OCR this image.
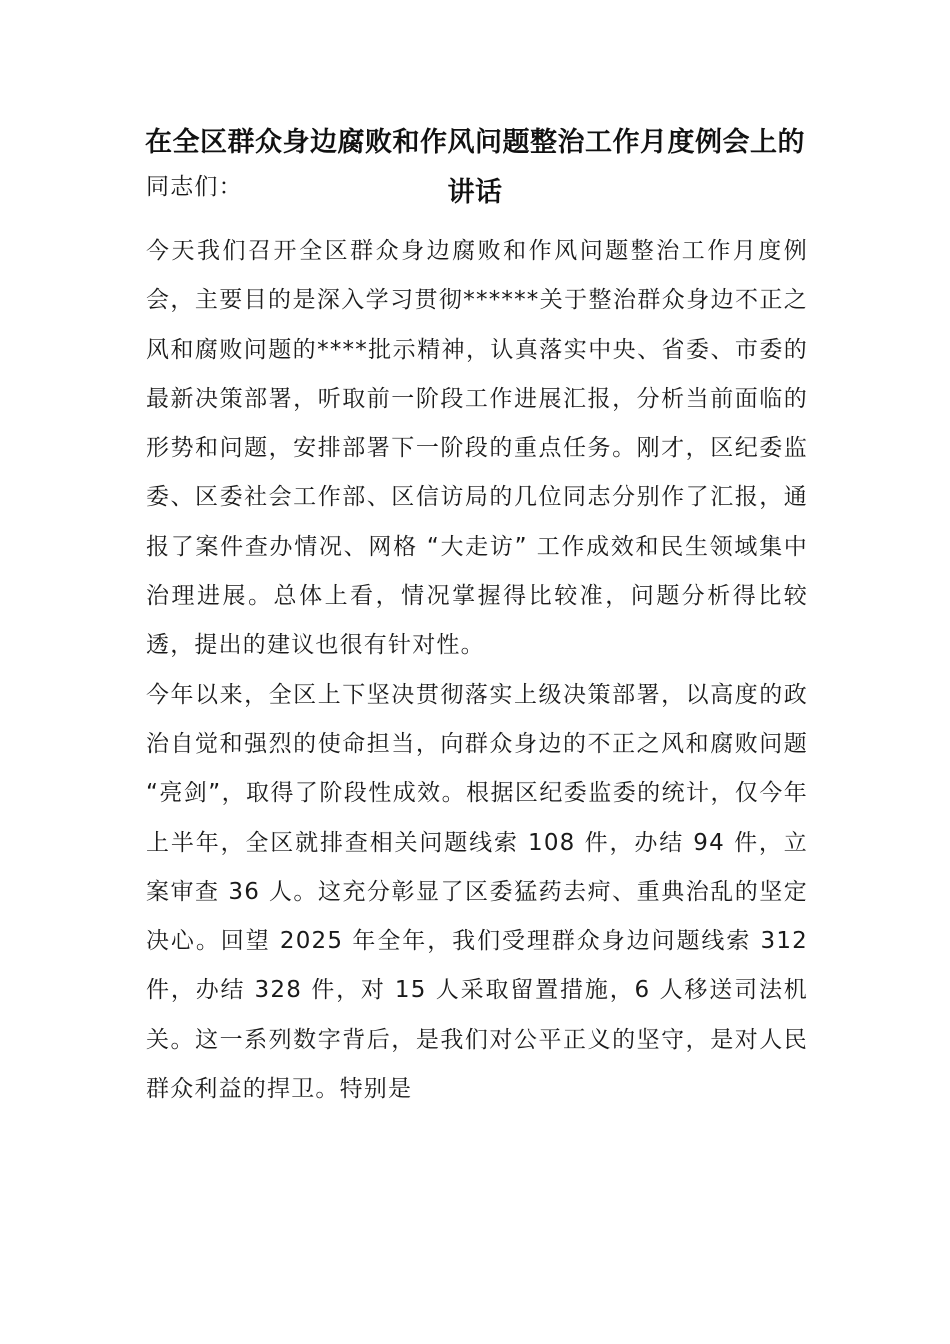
在全区群众身边腐败和作风问题整治工作月度例会上的讲话
同志们：

今天我们召开全区群众身边腐败和作风问题整治工作月度例会，主要目的是深入学习贯彻******关于整治群众身边不正之风和腐败问题的****批示精神，认真落实中央、省委、市委的最新决策部署，听取前一阶段工作进展汇报，分析当前面临的形势和问题，安排部署下一阶段的重点任务。刚才，区纪委监委、区委社会工作部、区信访局的几位同志分别作了汇报，通报了案件查办情况、网格 “大走访” 工作成效和民生领域集中治理进展。总体上看，情况掌握得比较准，问题分析得比较透，提出的建议也很有针对性。

今年以来，全区上下坚决贯彻落实上级决策部署，以高度的政治自觉和强烈的使命担当，向群众身边的不正之风和腐败问题 “亮剑”，取得了阶段性成效。根据区纪委监委的统计，仅今年上半年，全区就排查相关问题线索 108 件，办结 94 件，立案审查 36 人。这充分彰显了区委猛药去疴、重典治乱的坚定决心。回望 2025 年全年，我们受理群众身边问题线索 312 件，办结 328 件，对 15 人采取留置措施，6 人移送司法机关。这一系列数字背后，是我们对公平正义的坚守，是对人民群众利益的捍卫。特别是
